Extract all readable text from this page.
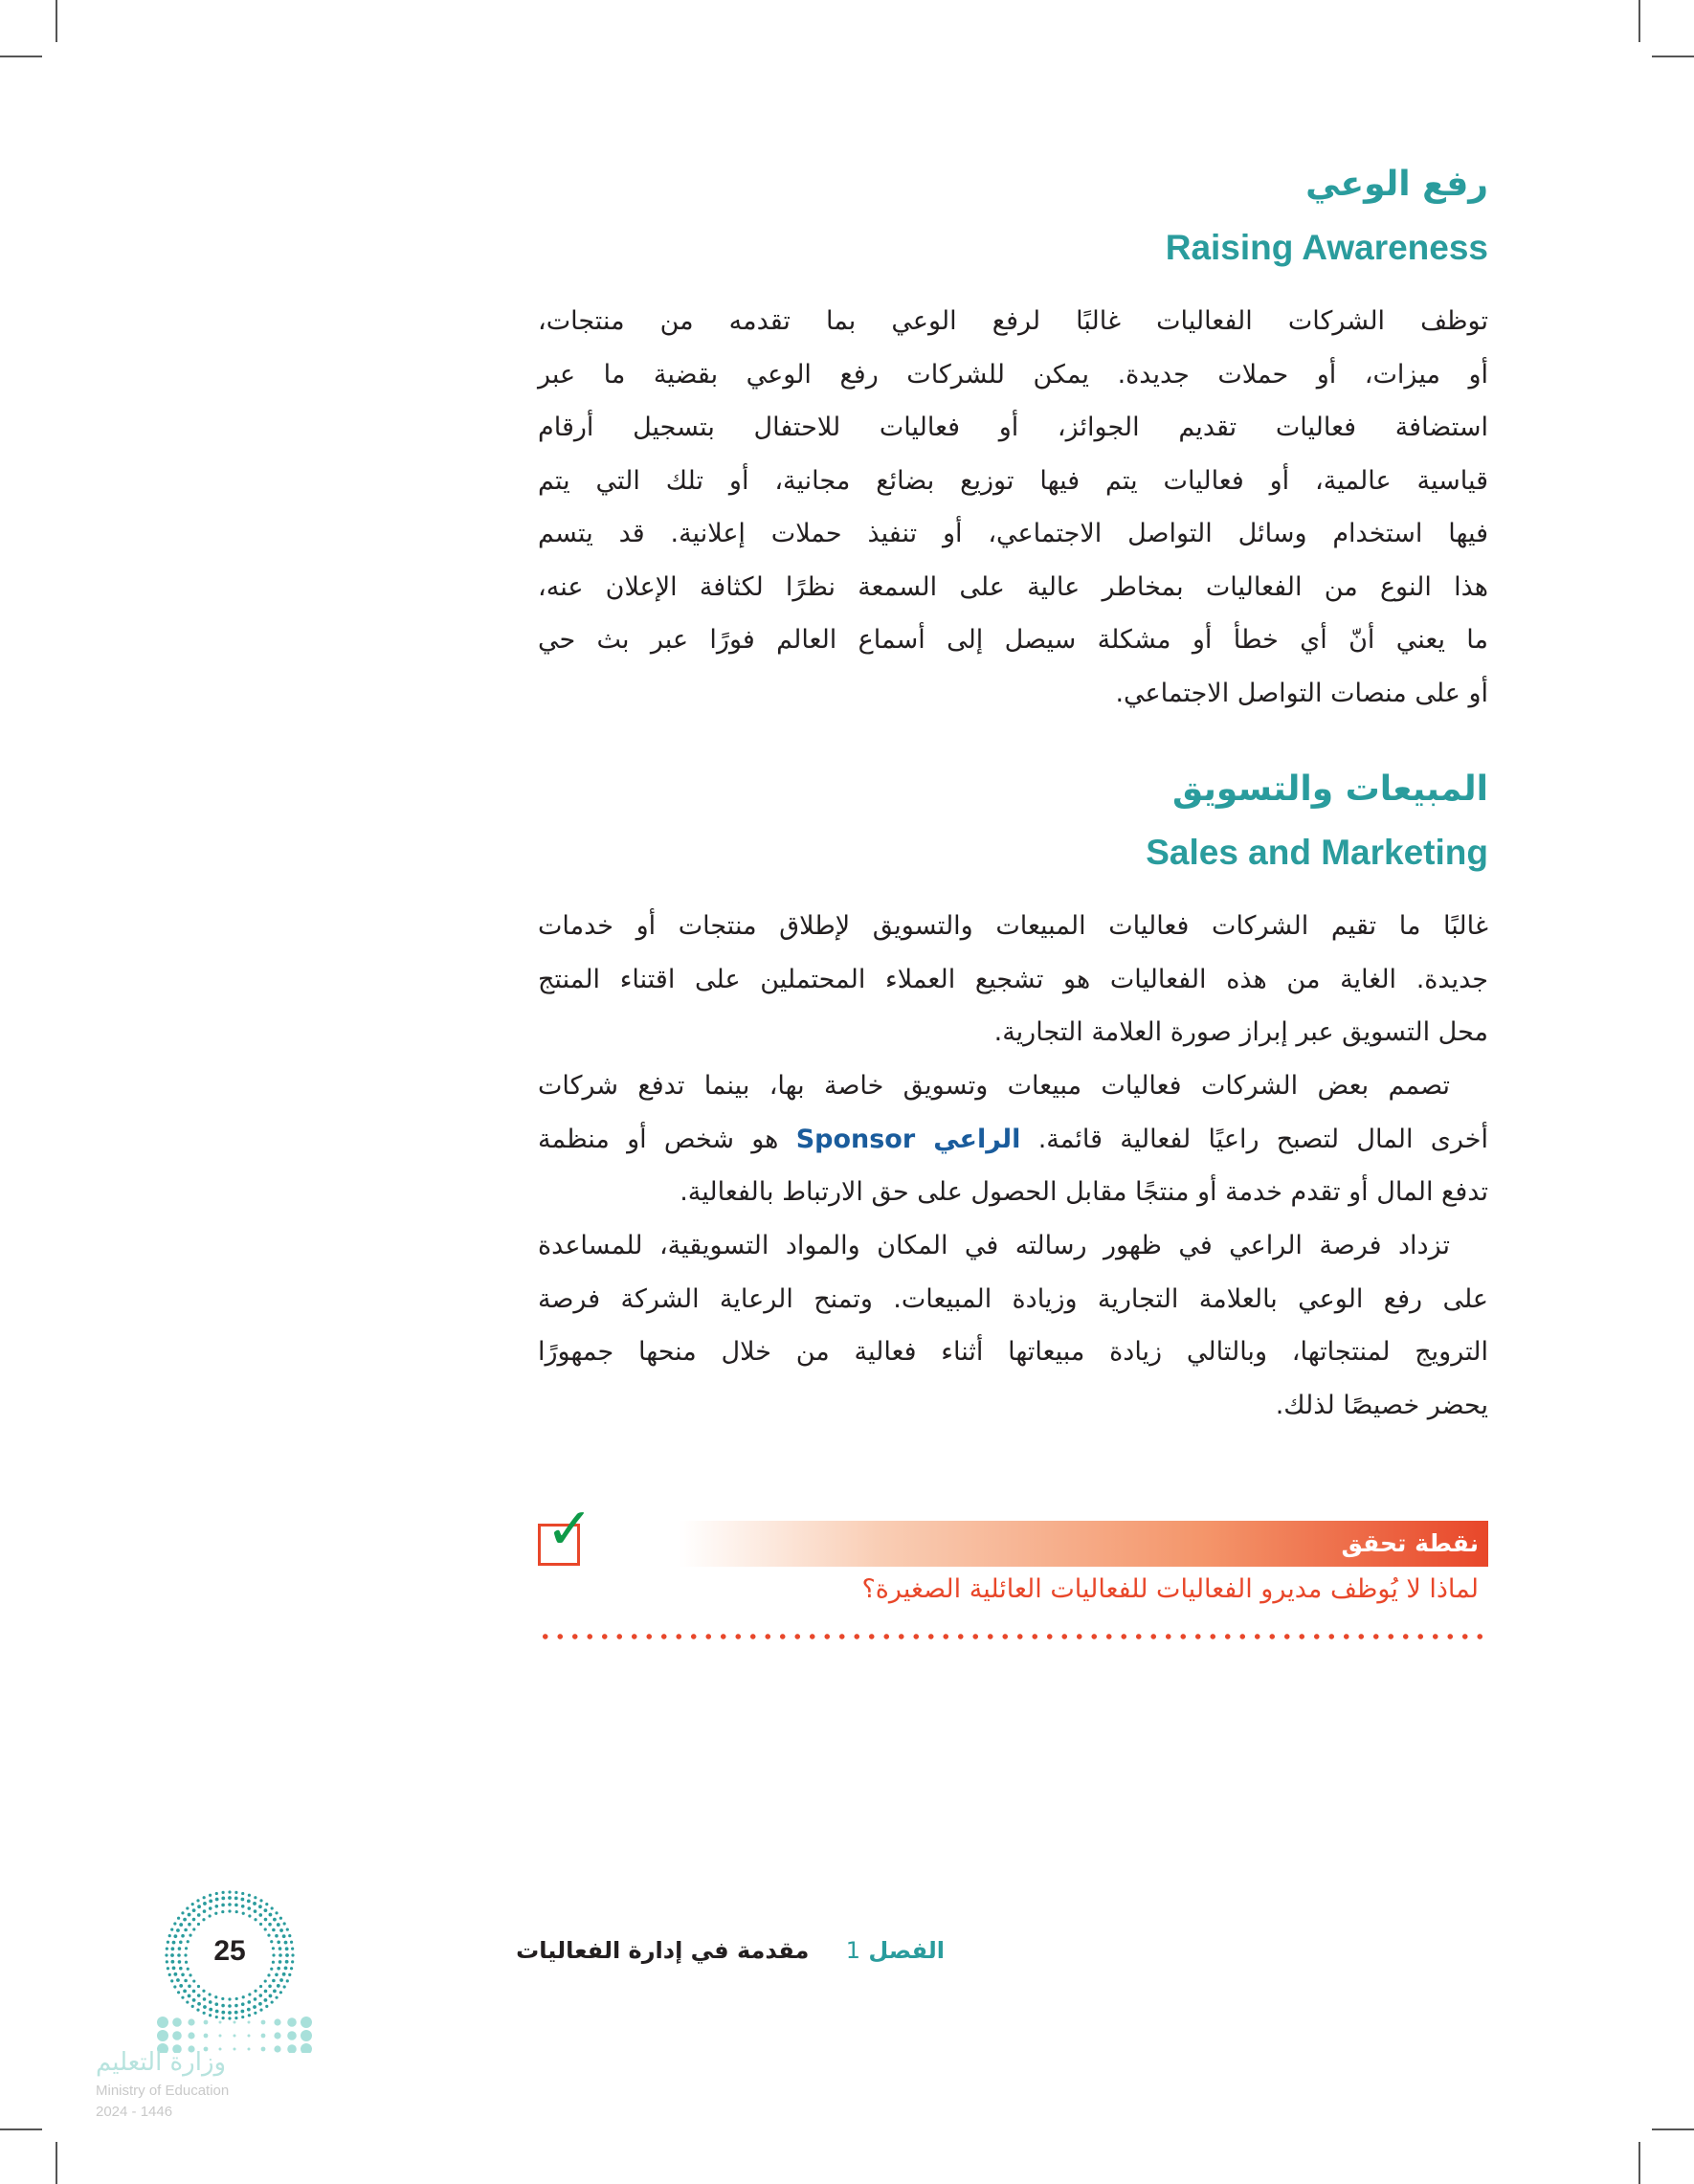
رفع الوعي
Raising Awareness
توظف الشركات الفعاليات غالبًا لرفع الوعي بما تقدمه من منتجات،
أو ميزات، أو حملات جديدة. يمكن للشركات رفع الوعي بقضية ما عبر
استضافة فعاليات تقديم الجوائز، أو فعاليات للاحتفال بتسجيل أرقام
قياسية عالمية، أو فعاليات يتم فيها توزيع بضائع مجانية، أو تلك التي يتم
فيها استخدام وسائل التواصل الاجتماعي، أو تنفيذ حملات إعلانية. قد يتسم
هذا النوع من الفعاليات بمخاطر عالية على السمعة نظرًا لكثافة الإعلان عنه،
ما يعني أنّ أي خطأ أو مشكلة سيصل إلى أسماع العالم فورًا عبر بث حي
أو على منصات التواصل الاجتماعي.
المبيعات والتسويق
Sales and Marketing
غالبًا ما تقيم الشركات فعاليات المبيعات والتسويق لإطلاق منتجات أو خدمات
جديدة. الغاية من هذه الفعاليات هو تشجيع العملاء المحتملين على اقتناء المنتج
محل التسويق عبر إبراز صورة العلامة التجارية.
تصمم بعض الشركات فعاليات مبيعات وتسويق خاصة بها، بينما تدفع شركات
أخرى المال لتصبح راعيًا لفعالية قائمة. الراعي Sponsor هو شخص أو منظمة
تدفع المال أو تقدم خدمة أو منتجًا مقابل الحصول على حق الارتباط بالفعالية.
تزداد فرصة الراعي في ظهور رسالته في المكان والمواد التسويقية، للمساعدة
على رفع الوعي بالعلامة التجارية وزيادة المبيعات. وتمنح الرعاية الشركة فرصة
الترويج لمنتجاتها، وبالتالي زيادة مبيعاتها أثناء فعالية من خلال منحها جمهورًا
يحضر خصيصًا لذلك.
نقطة تحقق
✓
لماذا لا يُوظف مديرو الفعاليات للفعاليات العائلية الصغيرة؟
25	الفصل 1 مقدمة في إدارة الفعاليات
وزارة التعليم
Ministry of Education
2024 - 1446
